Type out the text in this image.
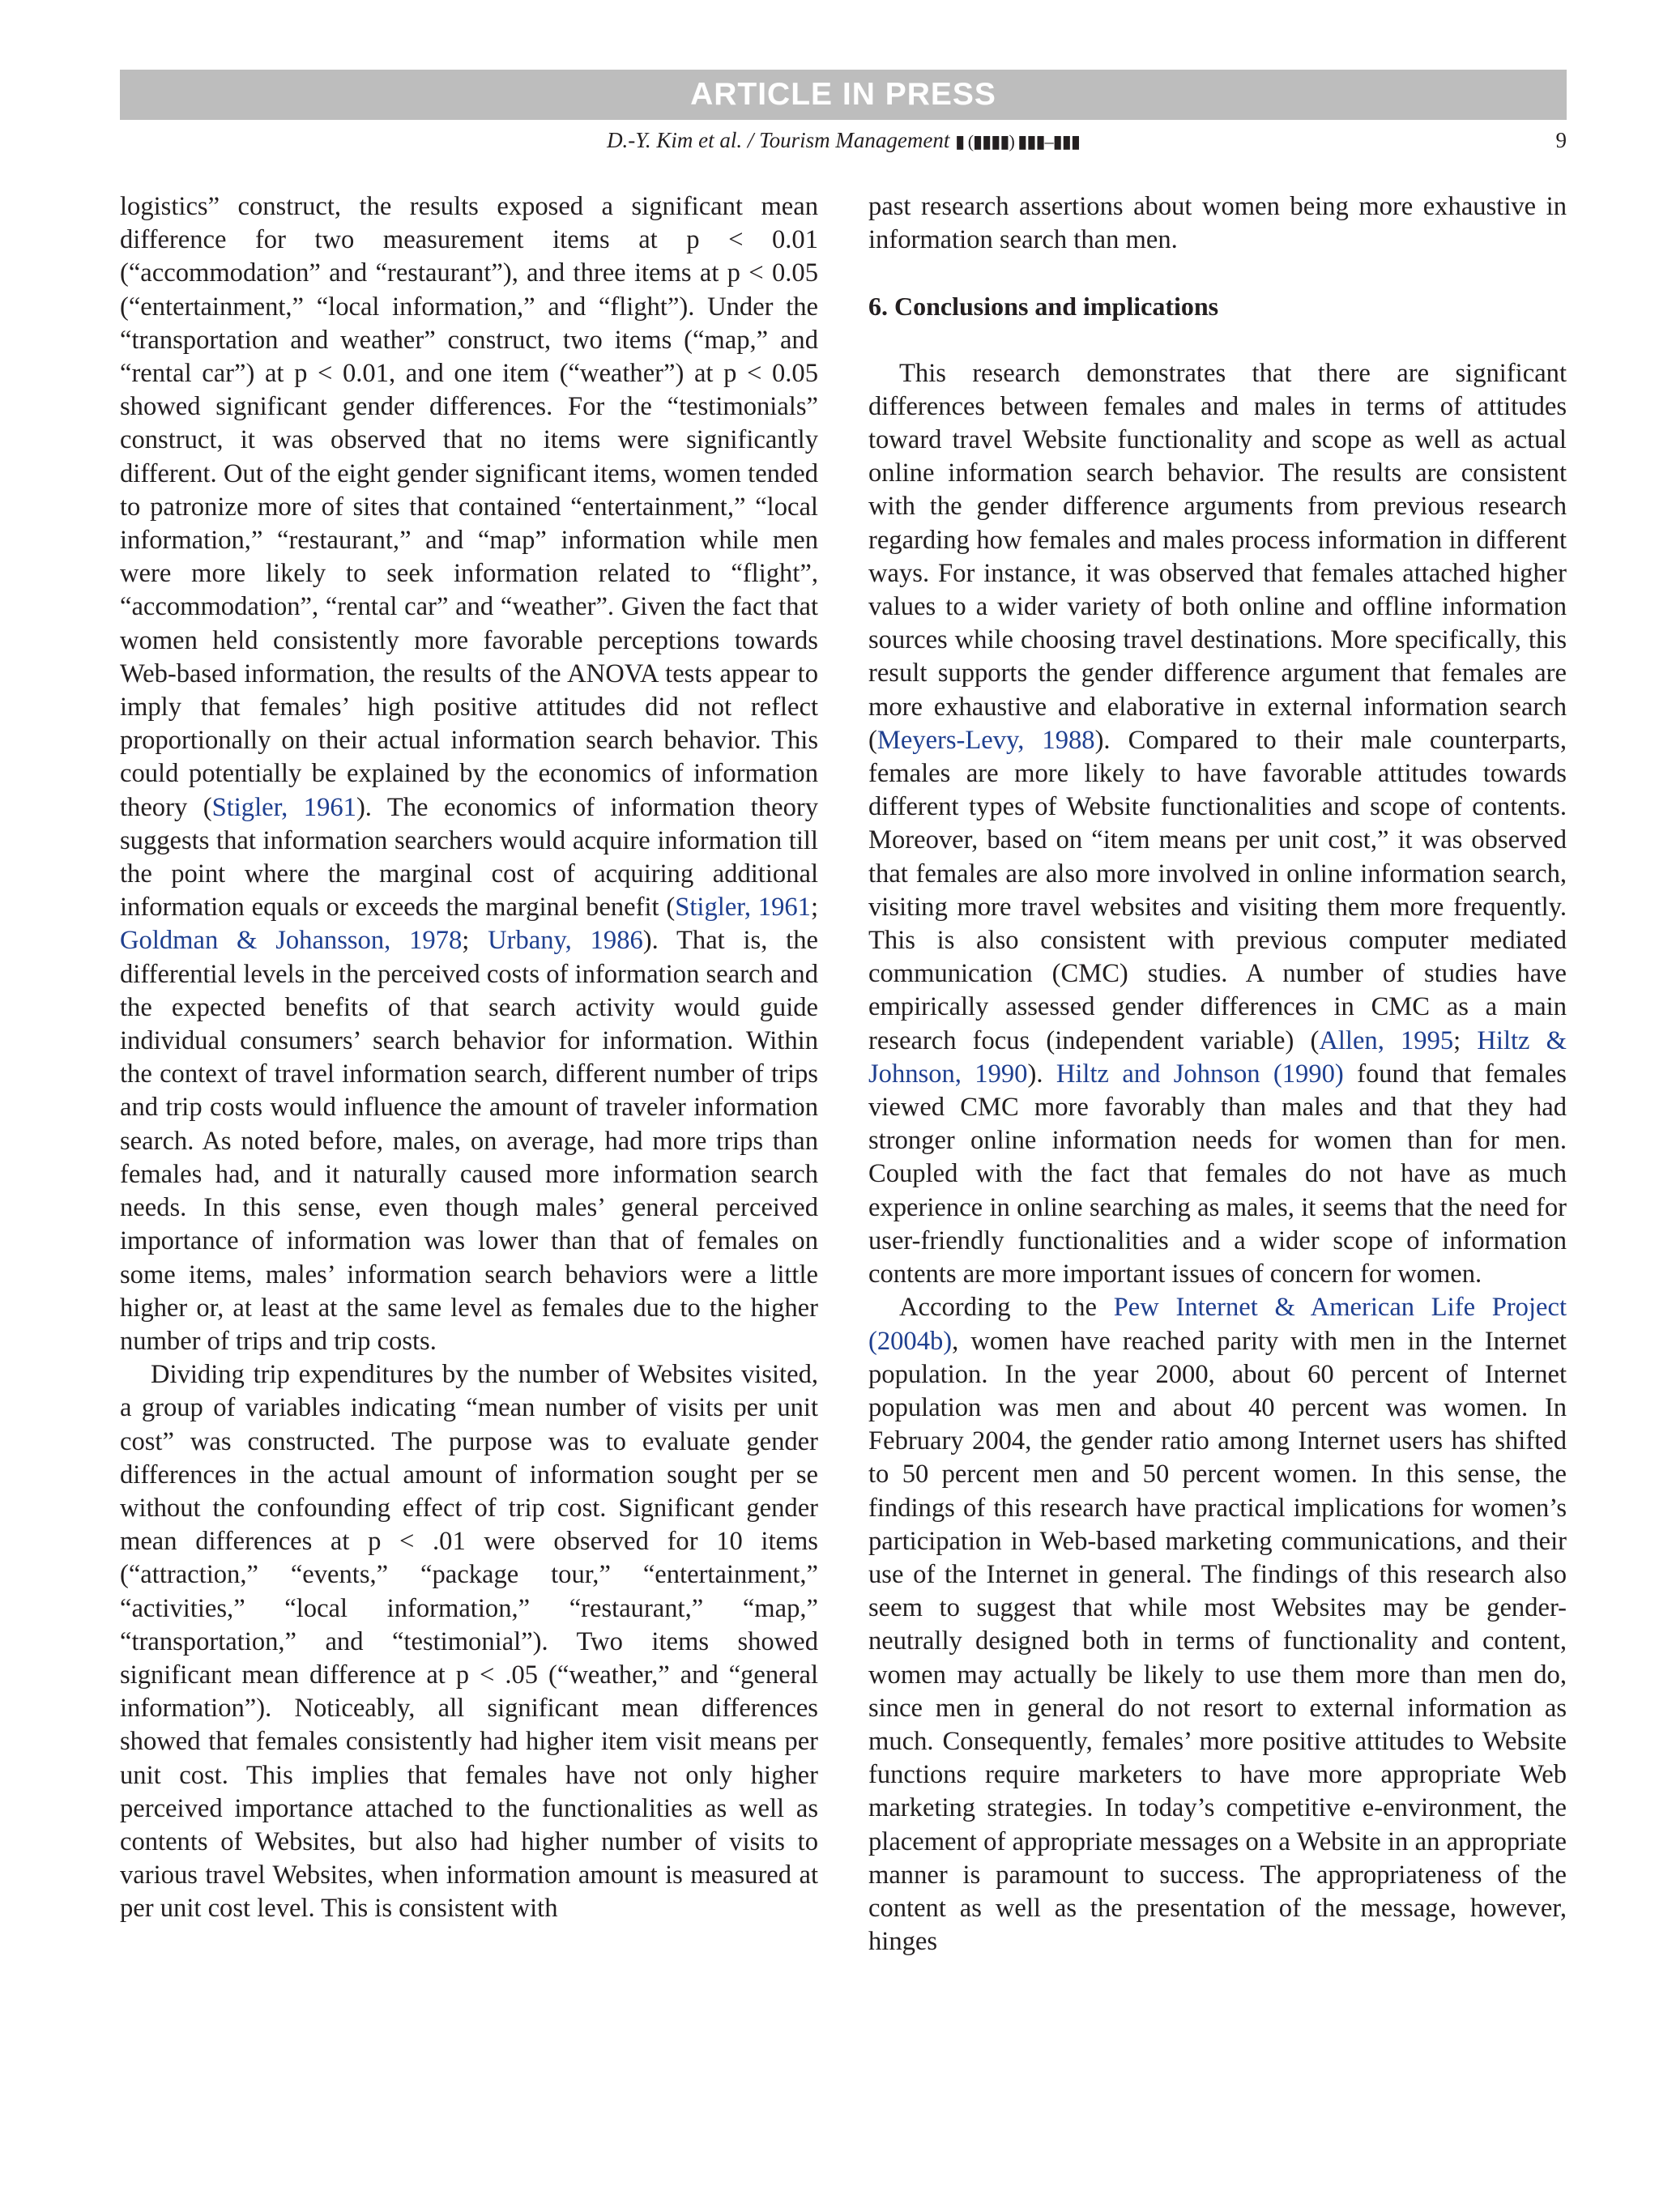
ARTICLE IN PRESS
D.-Y. Kim et al. / Tourism Management ▮ (▮▮▮▮) ▮▮▮–▮▮▮	9

logistics” construct, the results exposed a significant mean difference for two measurement items at p < 0.01 (“accommodation” and “restaurant”), and three items at p < 0.05 (“entertainment,” “local information,” and “flight”). Under the “transportation and weather” construct, two items (“map,” and “rental car”) at p < 0.01, and one item (“weather”) at p < 0.05 showed significant gender differences. For the “testimonials” construct, it was observed that no items were significantly different. Out of the eight gender significant items, women tended to patronize more of sites that contained “entertainment,” “local information,” “restaurant,” and “map” information while men were more likely to seek information related to “flight”, “accommodation”, “rental car” and “weather”. Given the fact that women held consistently more favorable perceptions towards Web-based information, the results of the ANOVA tests appear to imply that females’ high positive attitudes did not reflect proportionally on their actual information search behavior. This could potentially be explained by the economics of information theory (Stigler, 1961). The economics of information theory suggests that information searchers would acquire information till the point where the marginal cost of acquiring additional information equals or exceeds the marginal benefit (Stigler, 1961; Goldman & Johansson, 1978; Urbany, 1986). That is, the differential levels in the perceived costs of information search and the expected benefits of that search activity would guide individual consumers’ search behavior for information. Within the context of travel information search, different number of trips and trip costs would influence the amount of traveler information search. As noted before, males, on average, had more trips than females had, and it naturally caused more information search needs. In this sense, even though males’ general perceived importance of information was lower than that of females on some items, males’ information search behaviors were a little higher or, at least at the same level as females due to the higher number of trips and trip costs.

Dividing trip expenditures by the number of Websites visited, a group of variables indicating “mean number of visits per unit cost” was constructed. The purpose was to evaluate gender differences in the actual amount of information sought per se without the confounding effect of trip cost. Significant gender mean differences at p < .01 were observed for 10 items (“attraction,” “events,” “package tour,” “entertainment,” “activities,” “local information,” “restaurant,” “map,” “transportation,” and “testimonial”). Two items showed significant mean difference at p < .05 (“weather,” and “general information”). Noticeably, all significant mean differences showed that females consistently had higher item visit means per unit cost. This implies that females have not only higher perceived importance attached to the functionalities as well as contents of Websites, but also had higher number of visits to various travel Websites, when information amount is measured at per unit cost level. This is consistent with

past research assertions about women being more exhaustive in information search than men.

6. Conclusions and implications

This research demonstrates that there are significant differences between females and males in terms of attitudes toward travel Website functionality and scope as well as actual online information search behavior. The results are consistent with the gender difference arguments from previous research regarding how females and males process information in different ways. For instance, it was observed that females attached higher values to a wider variety of both online and offline information sources while choosing travel destinations. More specifically, this result supports the gender difference argument that females are more exhaustive and elaborative in external information search (Meyers-Levy, 1988). Compared to their male counterparts, females are more likely to have favorable attitudes towards different types of Website functionalities and scope of contents. Moreover, based on “item means per unit cost,” it was observed that females are also more involved in online information search, visiting more travel websites and visiting them more frequently. This is also consistent with previous computer mediated communication (CMC) studies. A number of studies have empirically assessed gender differences in CMC as a main research focus (independent variable) (Allen, 1995; Hiltz & Johnson, 1990). Hiltz and Johnson (1990) found that females viewed CMC more favorably than males and that they had stronger online information needs for women than for men. Coupled with the fact that females do not have as much experience in online searching as males, it seems that the need for user-friendly functionalities and a wider scope of information contents are more important issues of concern for women.

According to the Pew Internet & American Life Project (2004b), women have reached parity with men in the Internet population. In the year 2000, about 60 percent of Internet population was men and about 40 percent was women. In February 2004, the gender ratio among Internet users has shifted to 50 percent men and 50 percent women. In this sense, the findings of this research have practical implications for women’s participation in Web-based marketing communications, and their use of the Internet in general. The findings of this research also seem to suggest that while most Websites may be gender-neutrally designed both in terms of functionality and content, women may actually be likely to use them more than men do, since men in general do not resort to external information as much. Consequently, females’ more positive attitudes to Website functions require marketers to have more appropriate Web marketing strategies. In today’s competitive e-environment, the placement of appropriate messages on a Website in an appropriate manner is paramount to success. The appropriateness of the content as well as the presentation of the message, however, hinges
